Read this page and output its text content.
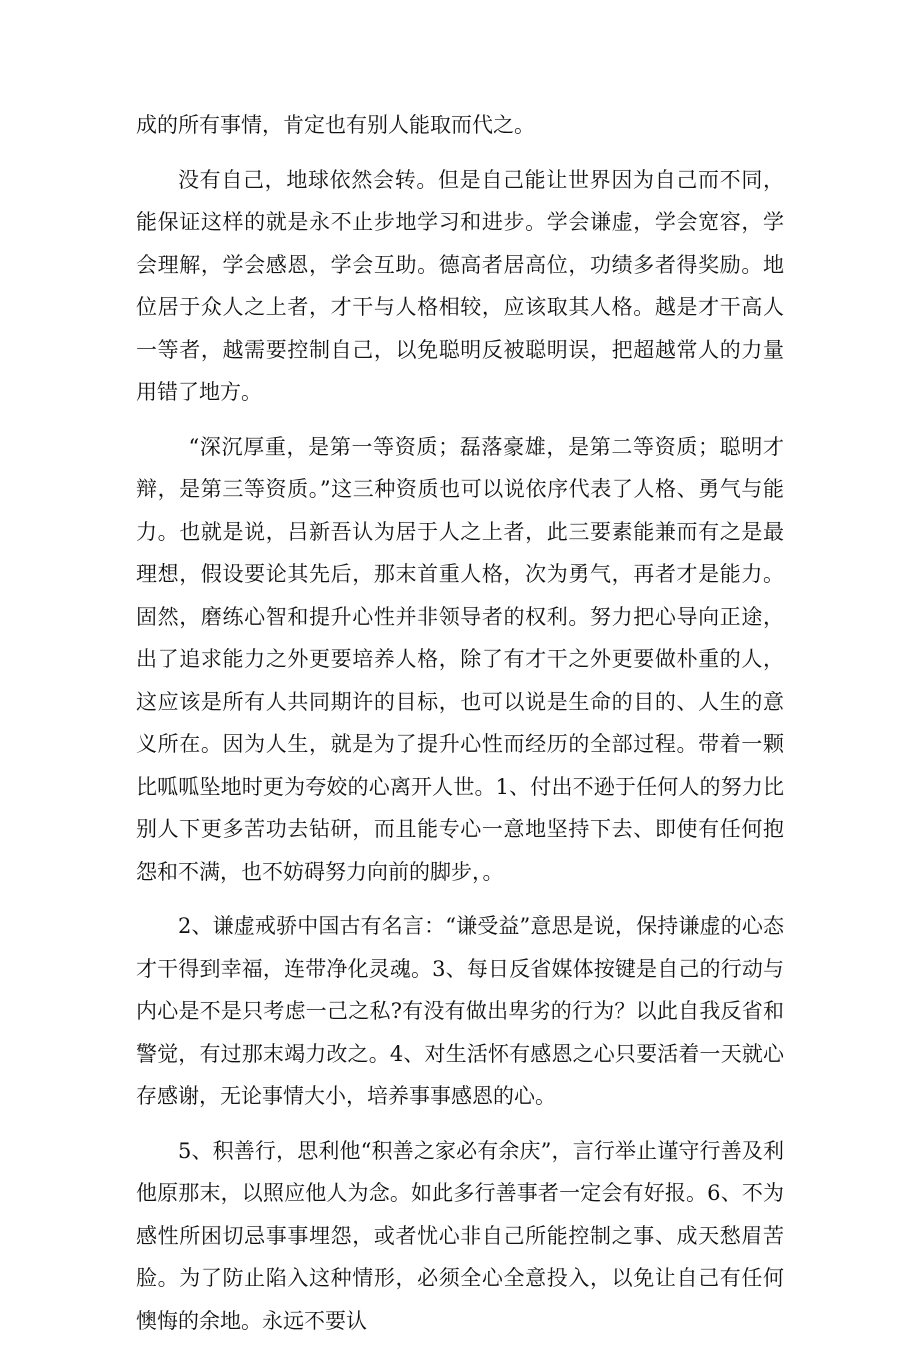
成的所有事情，肯定也有别人能取而代之。

没有自己，地球依然会转。但是自己能让世界因为自己而不同，能保证这样的就是永不止步地学习和进步。学会谦虚，学会宽容，学会理解，学会感恩，学会互助。德高者居高位，功绩多者得奖励。地位居于众人之上者，才干与人格相较，应该取其人格。越是才干高人一等者，越需要控制自己，以免聪明反被聪明误，把超越常人的力量用错了地方。

“深沉厚重，是第一等资质；磊落豪雄，是第二等资质；聪明才辩，是第三等资质。”这三种资质也可以说依序代表了人格、勇气与能力。也就是说，吕新吾认为居于人之上者，此三要素能兼而有之是最理想，假设要论其先后，那末首重人格，次为勇气，再者才是能力。固然，磨练心智和提升心性并非领导者的权利。努力把心导向正途，出了追求能力之外更要培养人格，除了有才干之外更要做朴重的人，这应该是所有人共同期许的目标，也可以说是生命的目的、人生的意义所在。因为人生，就是为了提升心性而经历的全部过程。带着一颗比呱呱坠地时更为夸姣的心离开人世。1、付出不逊于任何人的努力比别人下更多苦功去钻研，而且能专心一意地坚持下去、即使有任何抱怨和不满，也不妨碍努力向前的脚步，。

2、谦虚戒骄中国古有名言：“谦受益”意思是说，保持谦虚的心态才干得到幸福，连带净化灵魂。3、每日反省媒体按键是自己的行动与内心是不是只考虑一己之私?有没有做出卑劣的行为？以此自我反省和警觉，有过那末竭力改之。4、对生活怀有感恩之心只要活着一天就心存感谢，无论事情大小，培养事事感恩的心。

5、积善行，思利他“积善之家必有余庆”，言行举止谨守行善及利他原那末，以照应他人为念。如此多行善事者一定会有好报。6、不为感性所困切忌事事埋怨，或者忧心非自己所能控制之事、成天愁眉苦脸。为了防止陷入这种情形，必须全心全意投入，以免让自己有任何懊悔的余地。永远不要认
